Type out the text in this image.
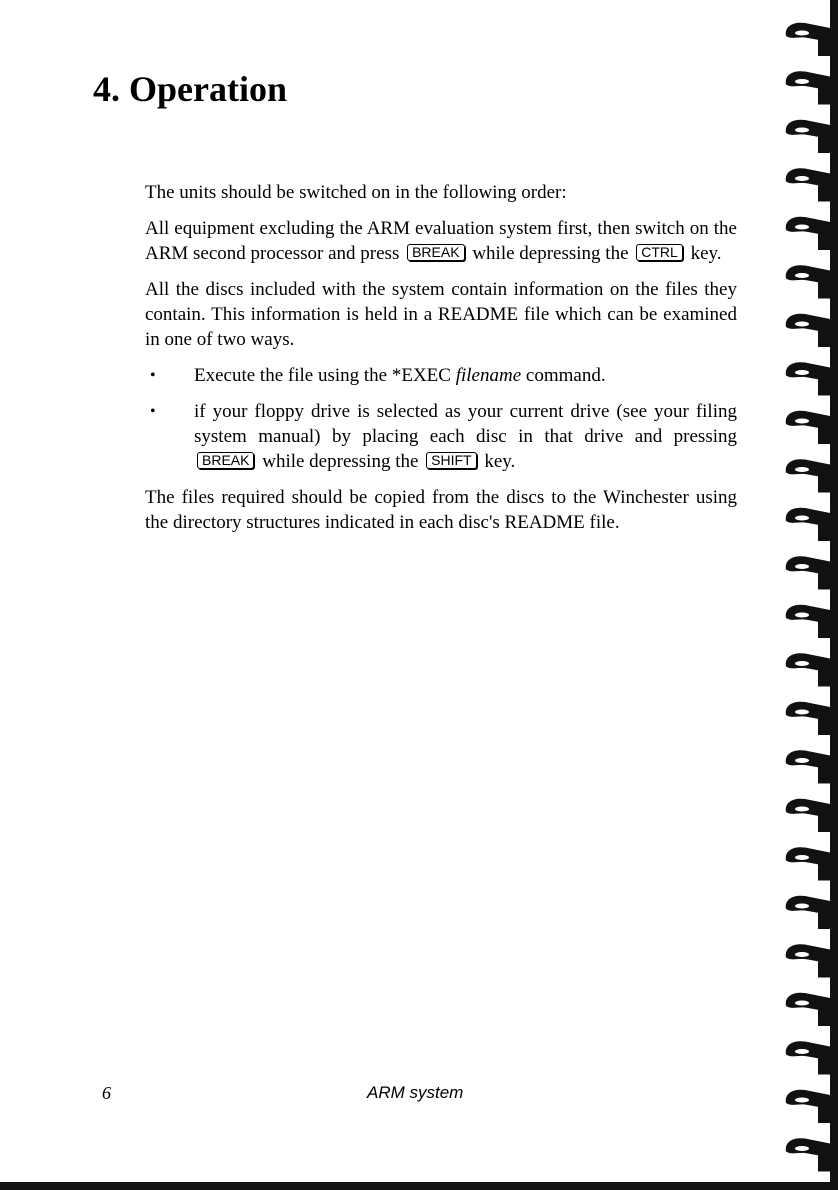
4. Operation

The units should be switched on in the following order:

All equipment excluding the ARM evaluation system first, then switch on the ARM second processor and press BREAK while depressing the CTRL key.

All the discs included with the system contain information on the files they contain. This information is held in a README file which can be examined in one of two ways.

• Execute the file using the *EXEC filename command.
• if your floppy drive is selected as your current drive (see your filing system manual) by placing each disc in that drive and pressing BREAK while depressing the SHIFT key.

The files required should be copied from the discs to the Winchester using the directory structures indicated in each disc's README file.

6	ARM system
